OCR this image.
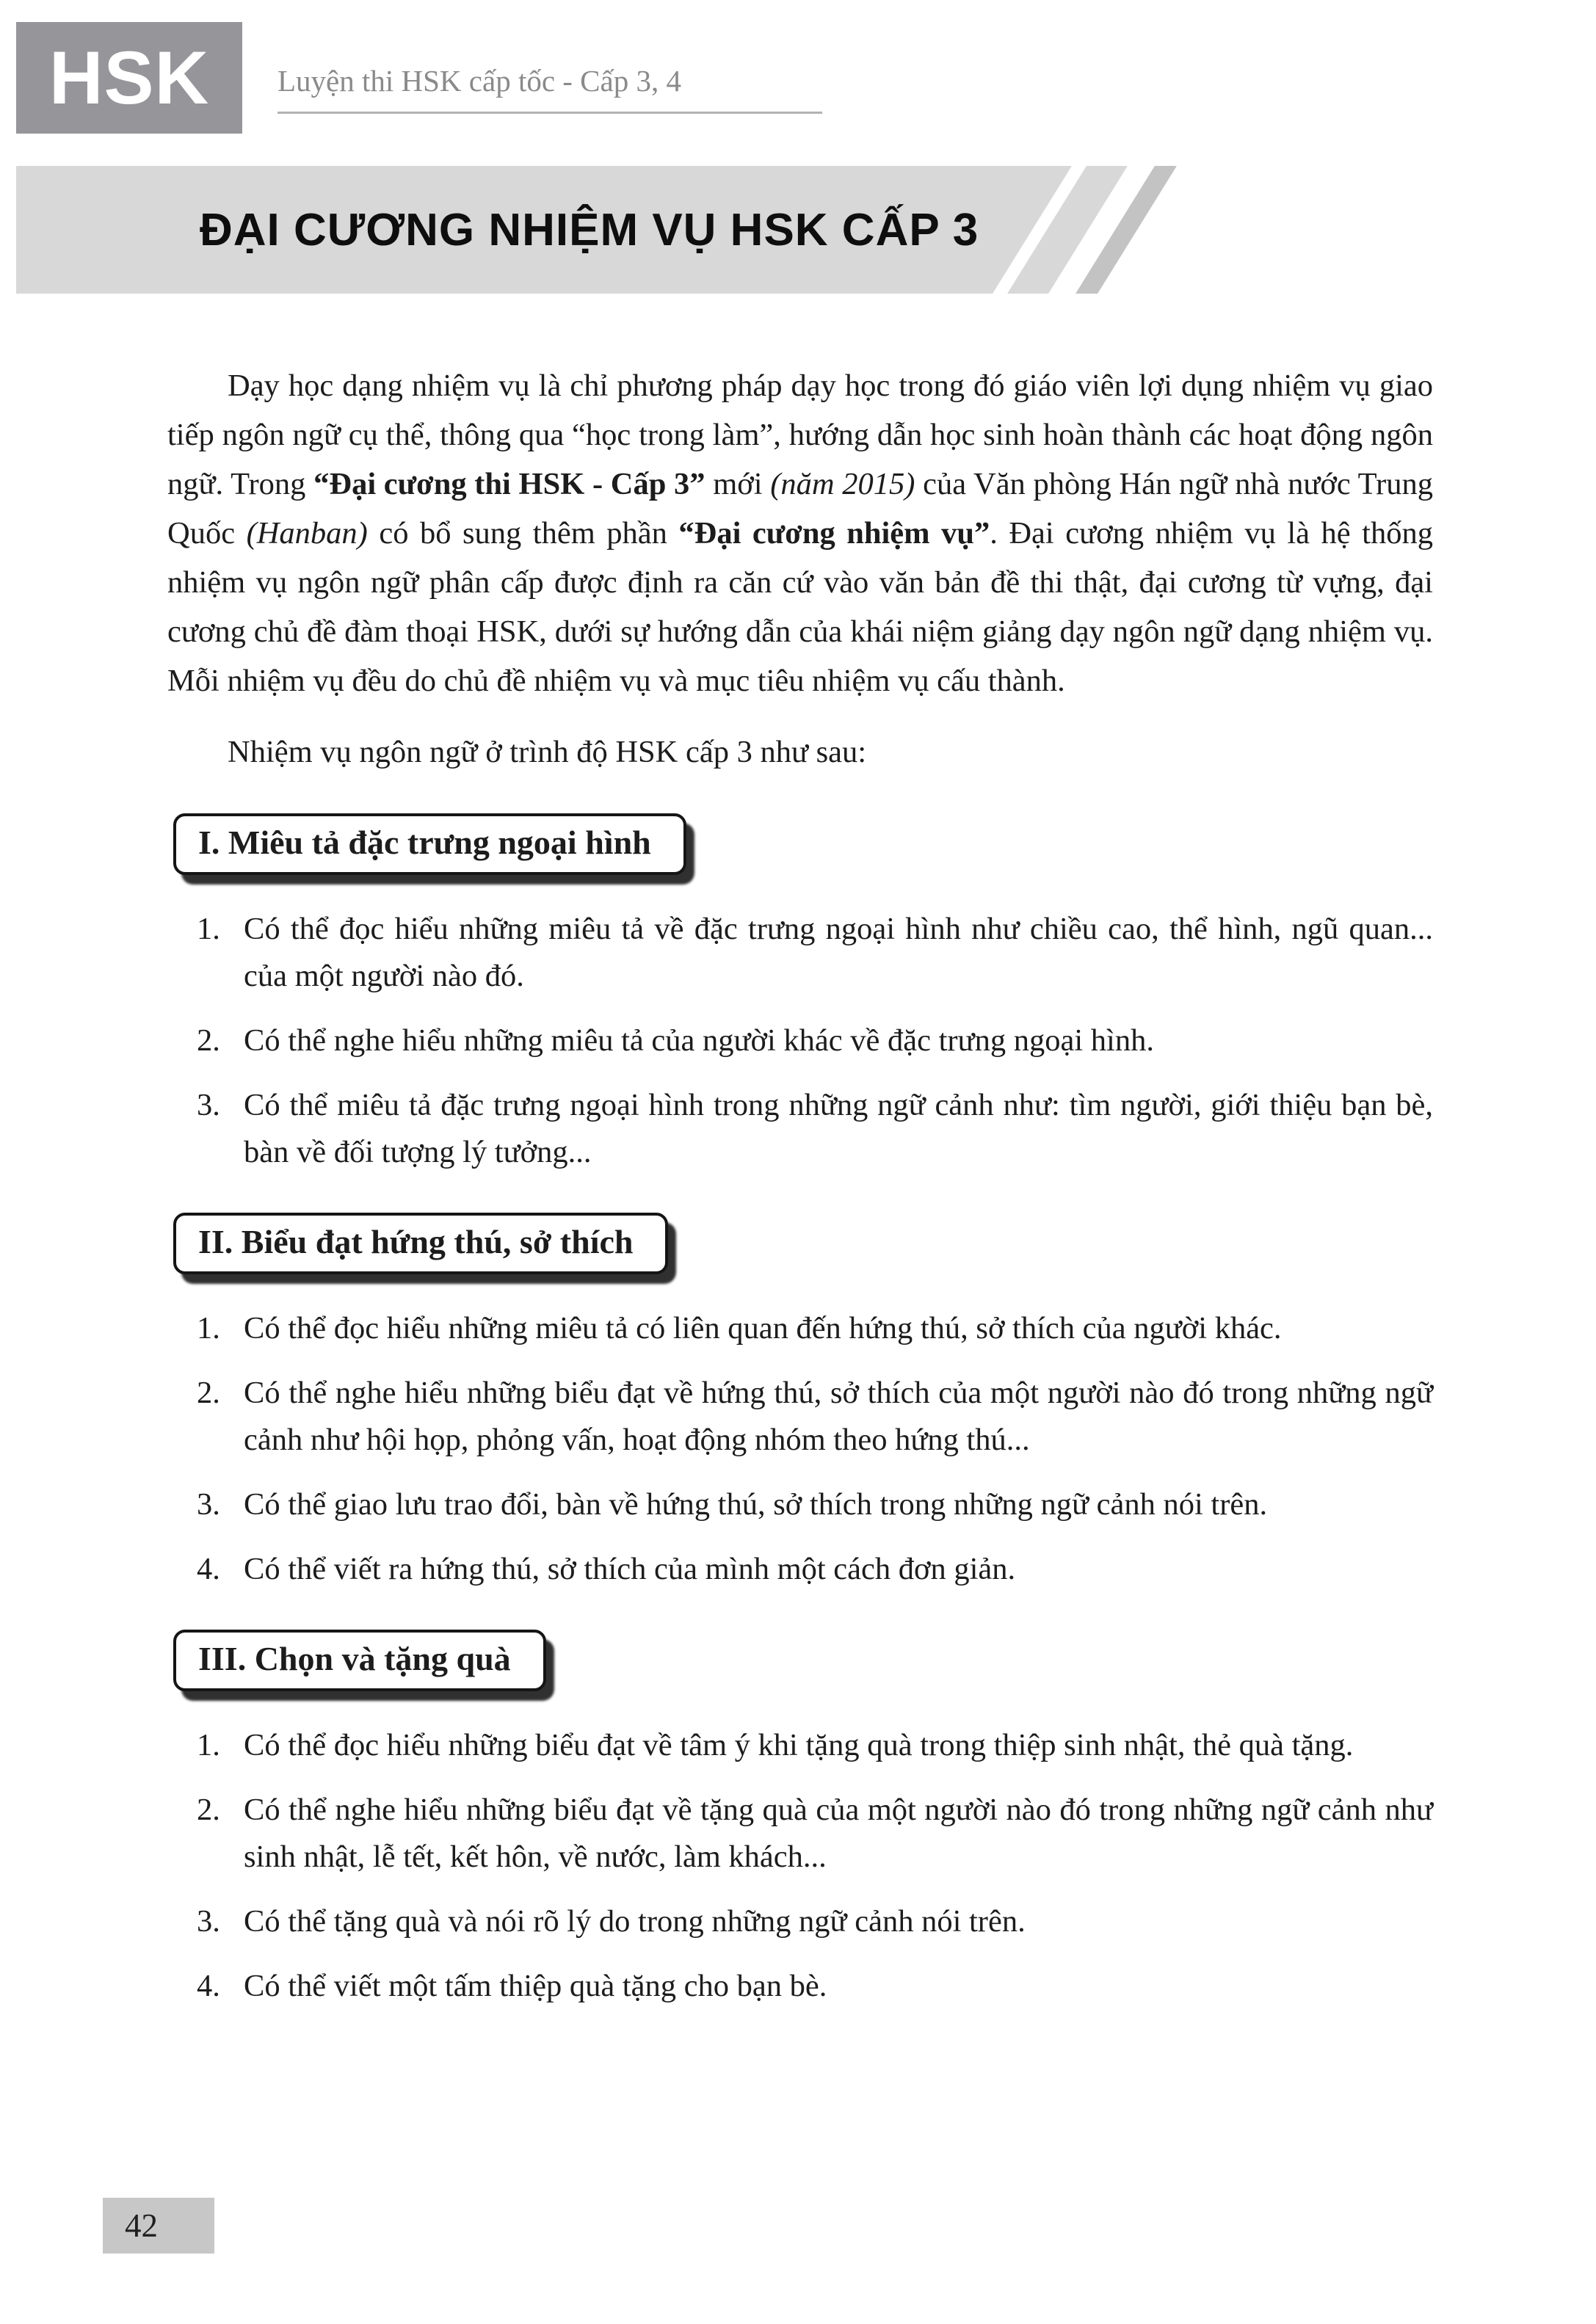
HSK Luyện thi HSK cấp tốc - Cấp 3, 4
ĐẠI CƯƠNG NHIỆM VỤ HSK CẤP 3

Dạy học dạng nhiệm vụ là chỉ phương pháp dạy học trong đó giáo viên lợi dụng nhiệm vụ giao tiếp ngôn ngữ cụ thể, thông qua “học trong làm”, hướng dẫn học sinh hoàn thành các hoạt động ngôn ngữ. Trong “Đại cương thi HSK - Cấp 3” mới (năm 2015) của Văn phòng Hán ngữ nhà nước Trung Quốc (Hanban) có bổ sung thêm phần “Đại cương nhiệm vụ”. Đại cương nhiệm vụ là hệ thống nhiệm vụ ngôn ngữ phân cấp được định ra căn cứ vào văn bản đề thi thật, đại cương từ vựng, đại cương chủ đề đàm thoại HSK, dưới sự hướng dẫn của khái niệm giảng dạy ngôn ngữ dạng nhiệm vụ. Mỗi nhiệm vụ đều do chủ đề nhiệm vụ và mục tiêu nhiệm vụ cấu thành.

Nhiệm vụ ngôn ngữ ở trình độ HSK cấp 3 như sau:

I. Miêu tả đặc trưng ngoại hình
1. Có thể đọc hiểu những miêu tả về đặc trưng ngoại hình như chiều cao, thể hình, ngũ quan... của một người nào đó.
2. Có thể nghe hiểu những miêu tả của người khác về đặc trưng ngoại hình.
3. Có thể miêu tả đặc trưng ngoại hình trong những ngữ cảnh như: tìm người, giới thiệu bạn bè, bàn về đối tượng lý tưởng...
II. Biểu đạt hứng thú, sở thích
1. Có thể đọc hiểu những miêu tả có liên quan đến hứng thú, sở thích của người khác.
2. Có thể nghe hiểu những biểu đạt về hứng thú, sở thích của một người nào đó trong những ngữ cảnh như hội họp, phỏng vấn, hoạt động nhóm theo hứng thú...
3. Có thể giao lưu trao đổi, bàn về hứng thú, sở thích trong những ngữ cảnh nói trên.
4. Có thể viết ra hứng thú, sở thích của mình một cách đơn giản.
III. Chọn và tặng quà
1. Có thể đọc hiểu những biểu đạt về tâm ý khi tặng quà trong thiệp sinh nhật, thẻ quà tặng.
2. Có thể nghe hiểu những biểu đạt về tặng quà của một người nào đó trong những ngữ cảnh như sinh nhật, lễ tết, kết hôn, về nước, làm khách...
3. Có thể tặng quà và nói rõ lý do trong những ngữ cảnh nói trên.
4. Có thể viết một tấm thiệp quà tặng cho bạn bè.
42
